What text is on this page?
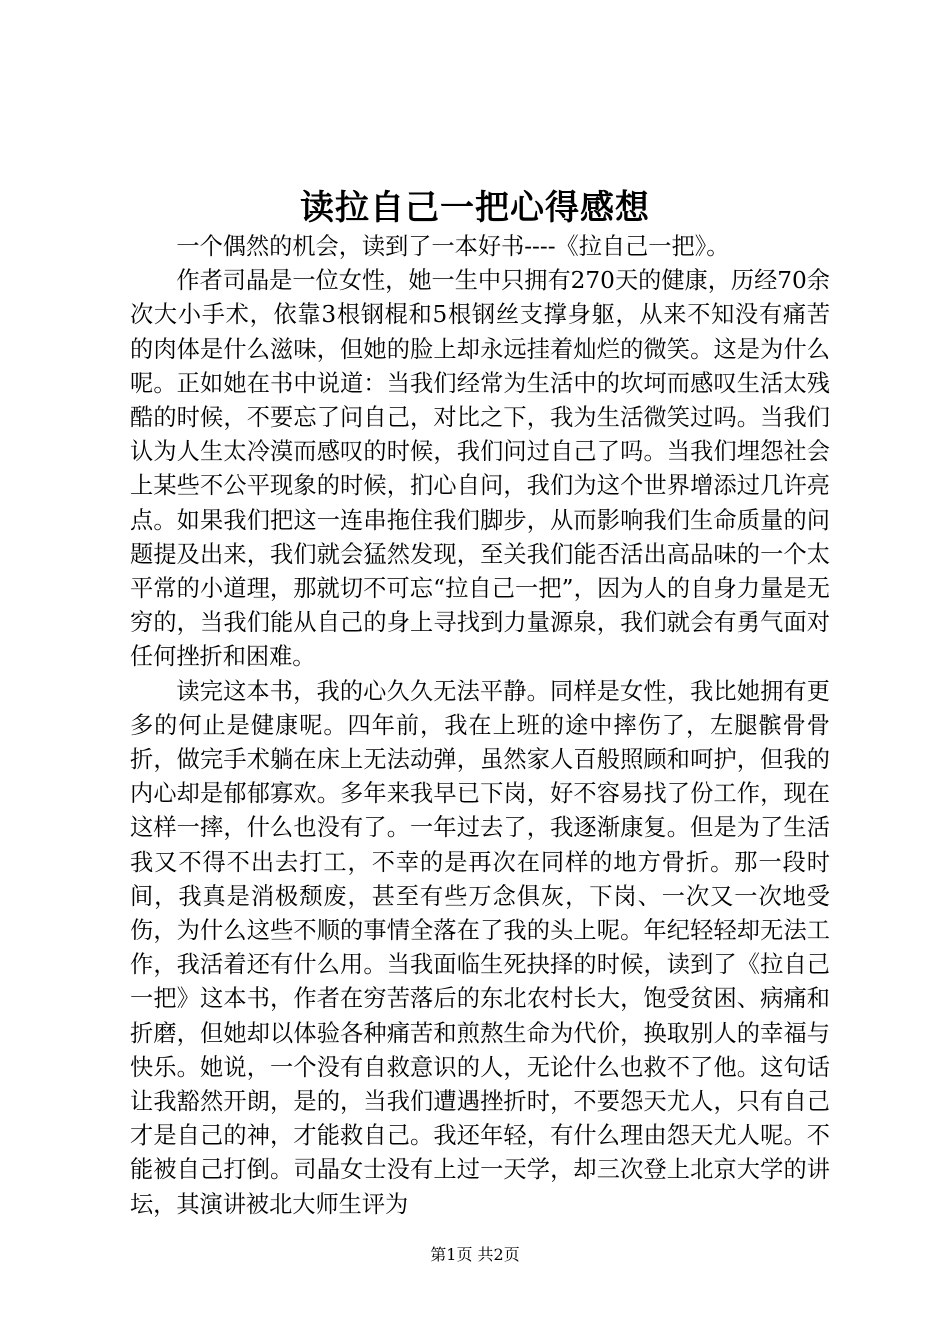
读拉自己一把心得感想

一个偶然的机会，读到了一本好书----《拉自己一把》。

作者司晶是一位女性，她一生中只拥有270天的健康，历经70余次大小手术，依靠3根钢棍和5根钢丝支撑身躯，从来不知没有痛苦的肉体是什么滋味，但她的脸上却永远挂着灿烂的微笑。这是为什么呢。正如她在书中说道：当我们经常为生活中的坎坷而感叹生活太残酷的时候，不要忘了问自己，对比之下，我为生活微笑过吗。当我们认为人生太冷漠而感叹的时候，我们问过自己了吗。当我们埋怨社会上某些不公平现象的时候，扪心自问，我们为这个世界增添过几许亮点。如果我们把这一连串拖住我们脚步，从而影响我们生命质量的问题提及出来，我们就会猛然发现，至关我们能否活出高品味的一个太平常的小道理，那就切不可忘“拉自己一把”，因为人的自身力量是无穷的，当我们能从自己的身上寻找到力量源泉，我们就会有勇气面对任何挫折和困难。

读完这本书，我的心久久无法平静。同样是女性，我比她拥有更多的何止是健康呢。四年前，我在上班的途中摔伤了，左腿髌骨骨折，做完手术躺在床上无法动弹，虽然家人百般照顾和呵护，但我的内心却是郁郁寡欢。多年来我早已下岗，好不容易找了份工作，现在这样一摔，什么也没有了。一年过去了，我逐渐康复。但是为了生活我又不得不出去打工，不幸的是再次在同样的地方骨折。那一段时间，我真是消极颓废，甚至有些万念俱灰，下岗、一次又一次地受伤，为什么这些不顺的事情全落在了我的头上呢。年纪轻轻却无法工作，我活着还有什么用。当我面临生死抉择的时候，读到了《拉自己一把》这本书，作者在穷苦落后的东北农村长大，饱受贫困、病痛和折磨，但她却以体验各种痛苦和煎熬生命为代价，换取别人的幸福与快乐。她说，一个没有自救意识的人，无论什么也救不了他。这句话让我豁然开朗，是的，当我们遭遇挫折时，不要怨天尤人，只有自己才是自己的神，才能救自己。我还年轻，有什么理由怨天尤人呢。不能被自己打倒。司晶女士没有上过一天学，却三次登上北京大学的讲坛，其演讲被北大师生评为

第1页 共2页
